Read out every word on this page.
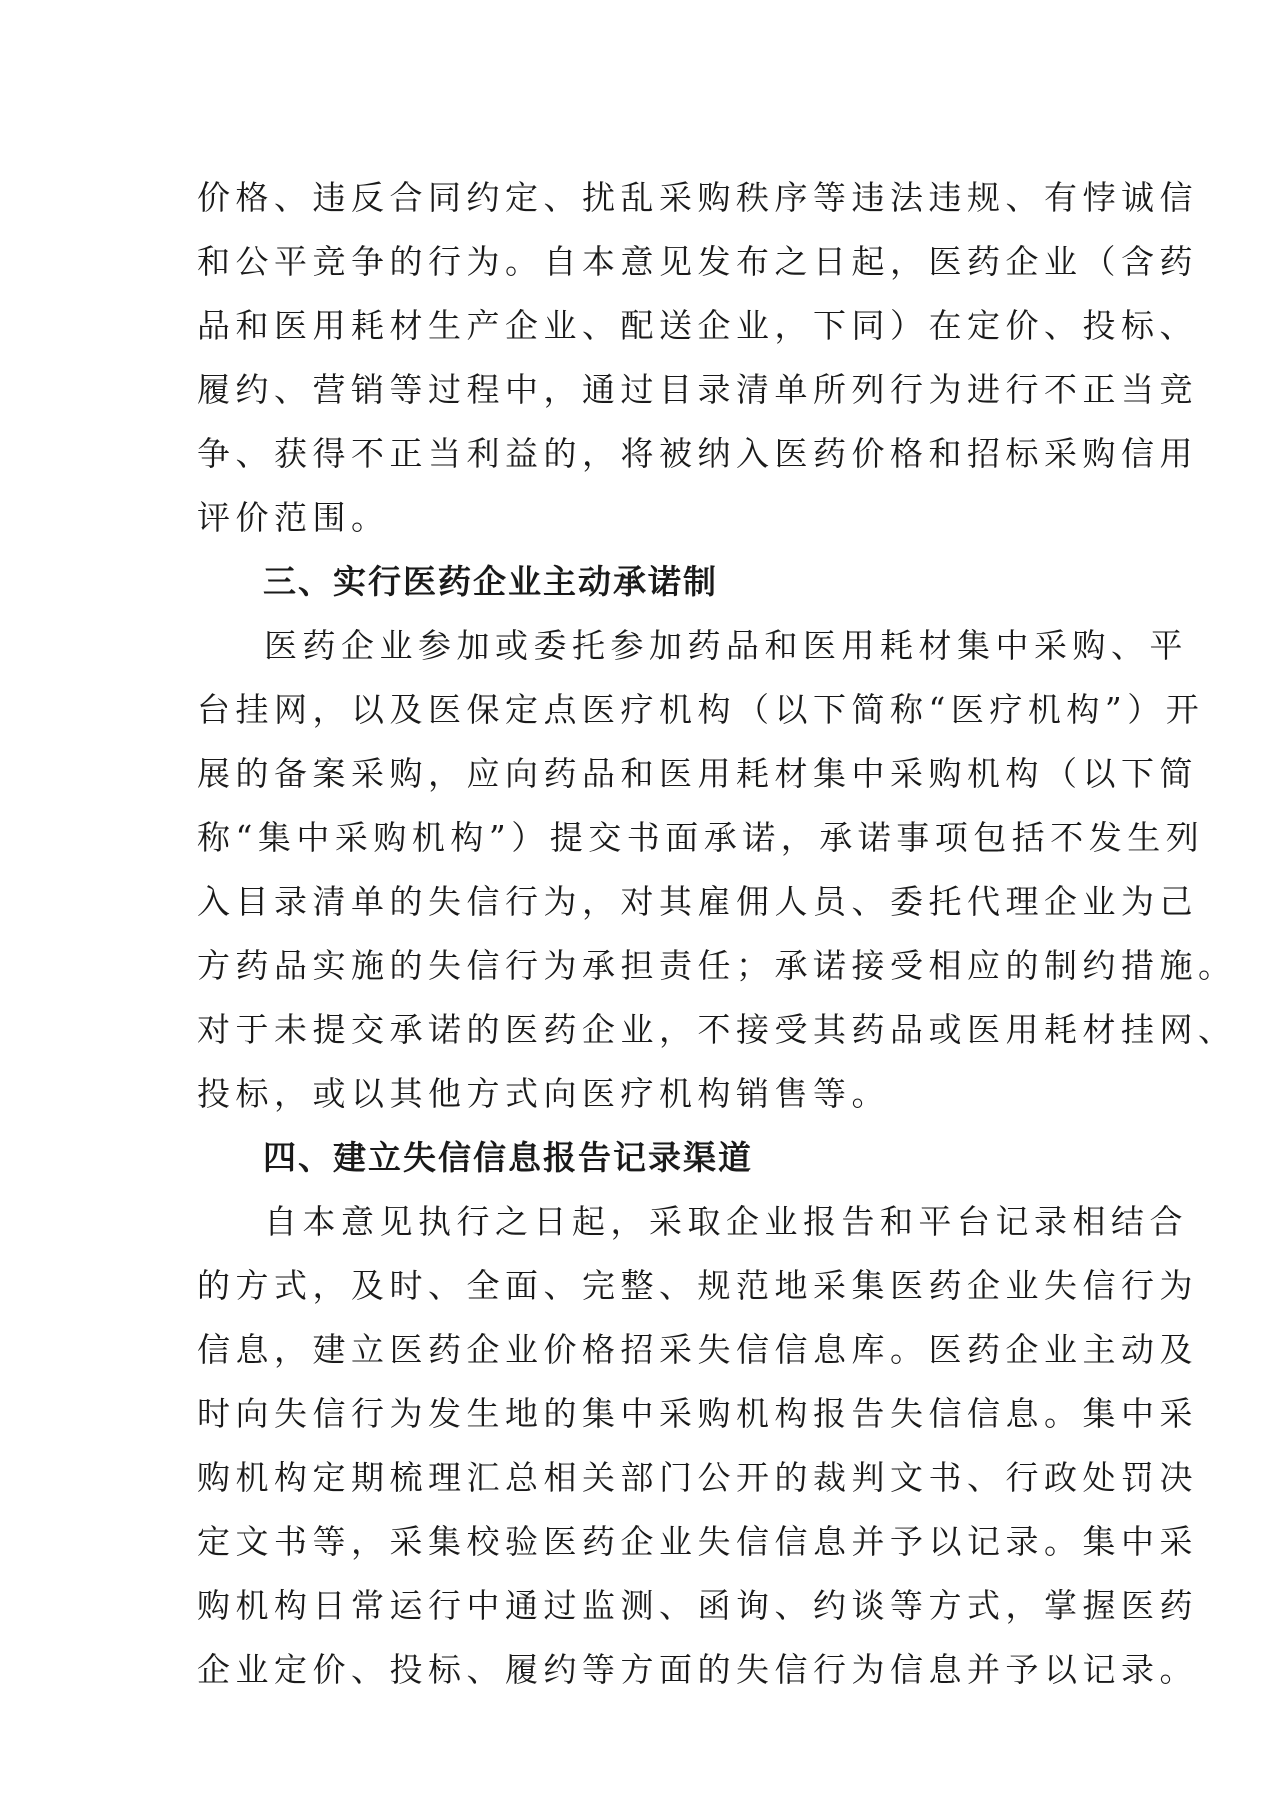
价格、违反合同约定、扰乱采购秩序等违法违规、有悖诚信
和公平竞争的行为。自本意见发布之日起，医药企业（含药
品和医用耗材生产企业、配送企业，下同）在定价、投标、
履约、营销等过程中，通过目录清单所列行为进行不正当竞
争、获得不正当利益的，将被纳入医药价格和招标采购信用
评价范围。
三、实行医药企业主动承诺制
医药企业参加或委托参加药品和医用耗材集中采购、平
台挂网，以及医保定点医疗机构（以下简称“医疗机构”）开
展的备案采购，应向药品和医用耗材集中采购机构（以下简
称“集中采购机构”）提交书面承诺，承诺事项包括不发生列
入目录清单的失信行为，对其雇佣人员、委托代理企业为己
方药品实施的失信行为承担责任；承诺接受相应的制约措施。
对于未提交承诺的医药企业，不接受其药品或医用耗材挂网、
投标，或以其他方式向医疗机构销售等。
四、建立失信信息报告记录渠道
自本意见执行之日起，采取企业报告和平台记录相结合
的方式，及时、全面、完整、规范地采集医药企业失信行为
信息，建立医药企业价格招采失信信息库。医药企业主动及
时向失信行为发生地的集中采购机构报告失信信息。集中采
购机构定期梳理汇总相关部门公开的裁判文书、行政处罚决
定文书等，采集校验医药企业失信信息并予以记录。集中采
购机构日常运行中通过监测、函询、约谈等方式，掌握医药
企业定价、投标、履约等方面的失信行为信息并予以记录。
